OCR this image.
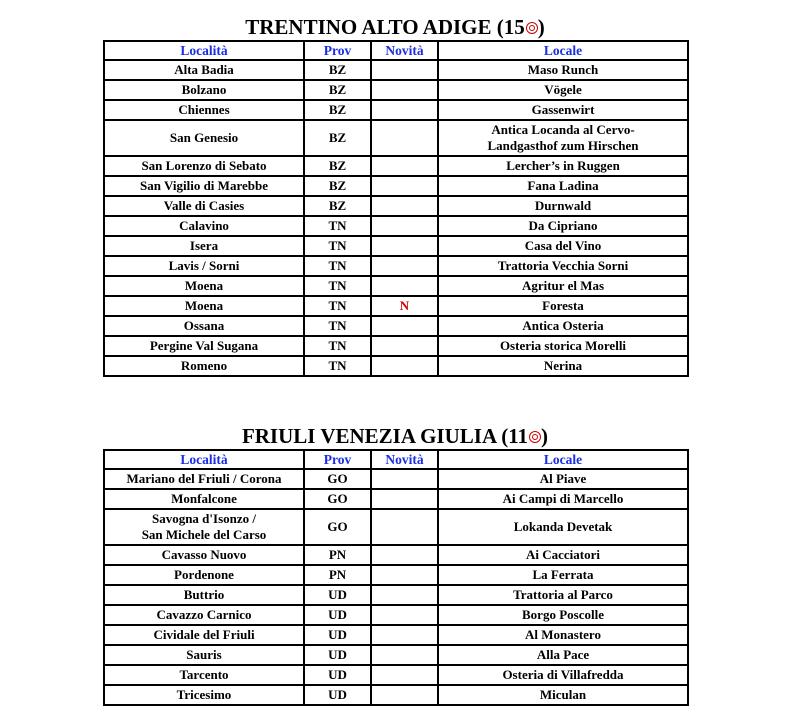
TRENTINO ALTO ADIGE (15 )
Località	Prov	Novità	Locale
Alta Badia	BZ		Maso Runch
Bolzano	BZ		Vögele
Chiennes	BZ		Gassenwirt
San Genesio	BZ		Antica Locanda al Cervo-
Landgasthof zum Hirschen
San Lorenzo di Sebato	BZ		Lercher’s in Ruggen
San Vigilio di Marebbe	BZ		Fana Ladina
Valle di Casies	BZ		Durnwald
Calavino	TN		Da Cipriano
Isera	TN		Casa del Vino
Lavis / Sorni	TN		Trattoria Vecchia Sorni
Moena	TN		Agritur el Mas
Moena	TN	N	Foresta
Ossana	TN		Antica Osteria
Pergine Val Sugana	TN		Osteria storica Morelli
Romeno	TN		Nerina
FRIULI VENEZIA GIULIA (11 )
Località	Prov	Novità	Locale
Mariano del Friuli / Corona	GO		Al Piave
Monfalcone	GO		Ai Campi di Marcello
Savogna d'Isonzo /
San Michele del Carso	GO		Lokanda Devetak
Cavasso Nuovo	PN		Ai Cacciatori
Pordenone	PN		La Ferrata
Buttrio	UD		Trattoria al Parco
Cavazzo Carnico	UD		Borgo Poscolle
Cividale del Friuli	UD		Al Monastero
Sauris	UD		Alla Pace
Tarcento	UD		Osteria di Villafredda
Tricesimo	UD		Miculan
